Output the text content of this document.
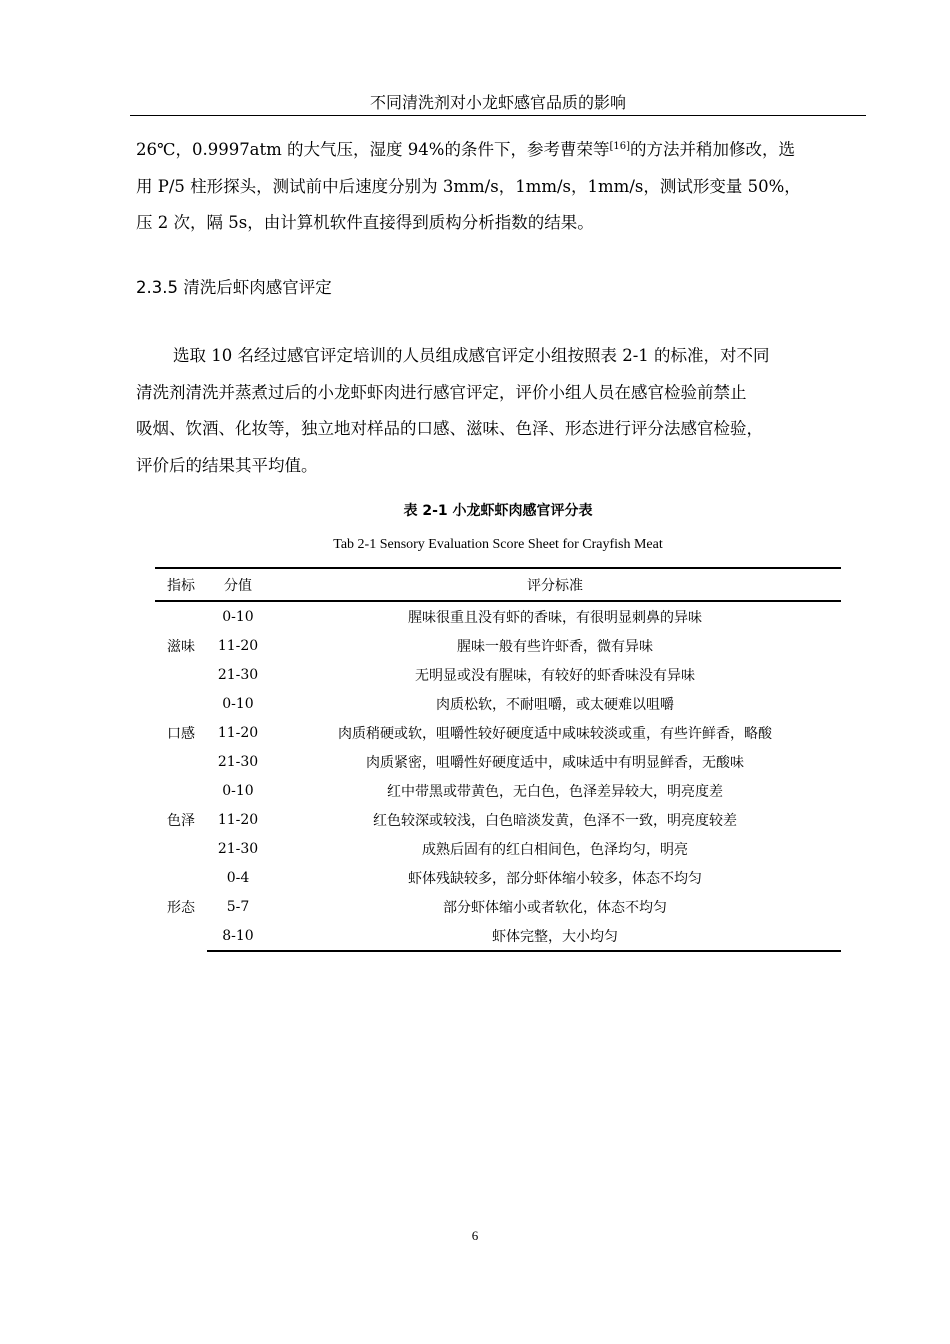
不同清洗剂对小龙虾感官品质的影响

26℃，0.9997atm 的大气压，湿度 94%的条件下，参考曹荣等[16]的方法并稍加修改，选

用 P/5 柱形探头，测试前中后速度分别为 3mm/s，1mm/s，1mm/s，测试形变量 50%，

压 2 次，隔 5s，由计算机软件直接得到质构分析指数的结果。

2.3.5 清洗后虾肉感官评定

选取 10 名经过感官评定培训的人员组成感官评定小组按照表 2-1 的标准，对不同

清洗剂清洗并蒸煮过后的小龙虾虾肉进行感官评定，评价小组人员在感官检验前禁止

吸烟、饮酒、化妆等，独立地对样品的口感、滋味、色泽、形态进行评分法感官检验，

评价后的结果其平均值。

表 2-1 小龙虾虾肉感官评分表
Tab 2-1 Sensory Evaluation Score Sheet for Crayfish Meat
指标	分值	评分标准
滋味	0-10	腥味很重且没有虾的香味，有很明显刺鼻的异味
	11-20	腥味一般有些许虾香，微有异味
	21-30	无明显或没有腥味，有较好的虾香味没有异味
口感	0-10	肉质松软，不耐咀嚼，或太硬难以咀嚼
	11-20	肉质稍硬或软，咀嚼性较好硬度适中咸味较淡或重，有些许鲜香，略酸
	21-30	肉质紧密，咀嚼性好硬度适中，咸味适中有明显鲜香，无酸味
色泽	0-10	红中带黑或带黄色，无白色，色泽差异较大，明亮度差
	11-20	红色较深或较浅，白色暗淡发黄，色泽不一致，明亮度较差
	21-30	成熟后固有的红白相间色，色泽均匀，明亮
形态	0-4	虾体残缺较多，部分虾体缩小较多，体态不均匀
	5-7	部分虾体缩小或者软化，体态不均匀
	8-10	虾体完整，大小均匀
6
